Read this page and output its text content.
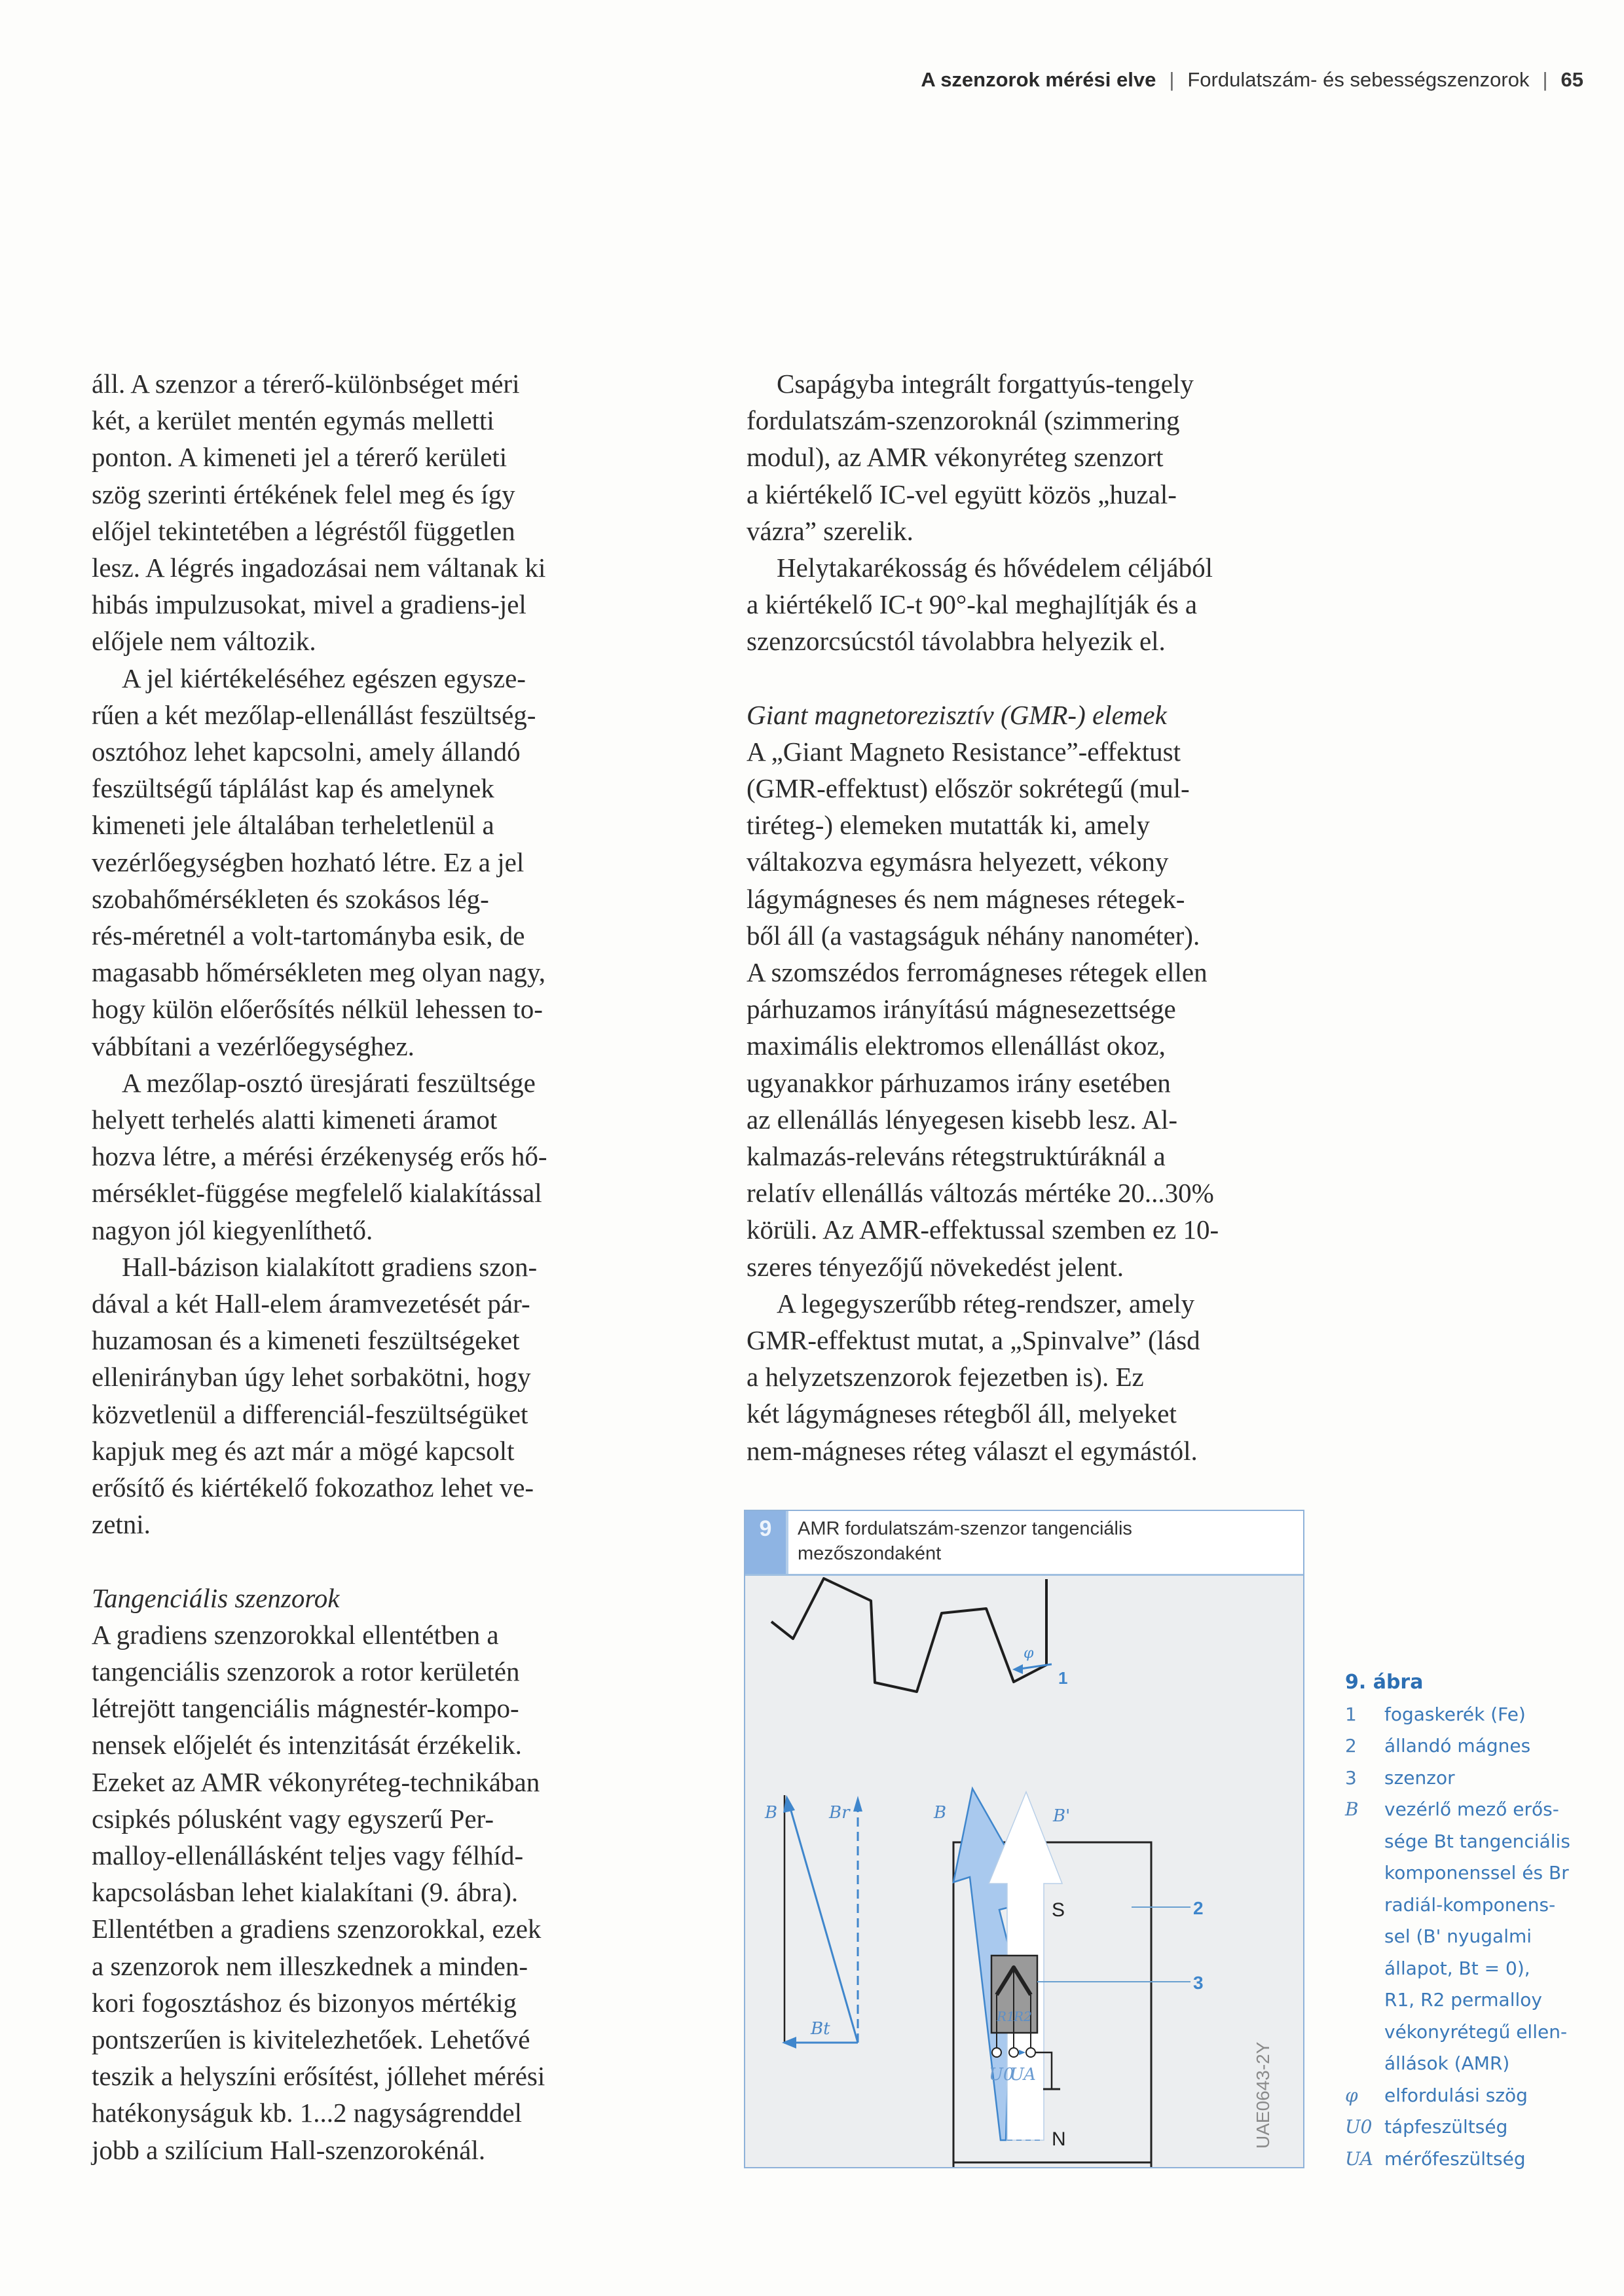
A szenzorok mérési elve | Fordulatszám- és sebességszenzorok | 65

áll. A szenzor a térerő-különbséget méri
két, a kerület mentén egymás melletti
ponton. A kimeneti jel a térerő kerületi
szög szerinti értékének felel meg és így
előjel tekintetében a légréstől független
lesz. A légrés ingadozásai nem váltanak ki
hibás impulzusokat, mivel a gradiens-jel
előjele nem változik.

A jel kiértékeléséhez egészen egysze-
rűen a két mezőlap-ellenállást feszültség-
osztóhoz lehet kapcsolni, amely állandó
feszültségű táplálást kap és amelynek
kimeneti jele általában terheletlenül a
vezérlőegységben hozható létre. Ez a jel
szobahőmérsékleten és szokásos lég-
rés-méretnél a volt-tartományba esik, de
magasabb hőmérsékleten meg olyan nagy,
hogy külön előerősítés nélkül lehessen to-
vábbítani a vezérlőegységhez.

A mezőlap-osztó üresjárati feszültsége
helyett terhelés alatti kimeneti áramot
hozva létre, a mérési érzékenység erős hő-
mérséklet-függése megfelelő kialakítással
nagyon jól kiegyenlíthető.

Hall-bázison kialakított gradiens szon-
dával a két Hall-elem áramvezetését pár-
huzamosan és a kimeneti feszültségeket
ellenirányban úgy lehet sorbakötni, hogy
közvetlenül a differenciál-feszültségüket
kapjuk meg és azt már a mögé kapcsolt
erősítő és kiértékelő fokozathoz lehet ve-
zetni.

Tangenciális szenzorok

A gradiens szenzorokkal ellentétben a
tangenciális szenzorok a rotor kerületén
létrejött tangenciális mágnestér-kompo-
nensek előjelét és intenzitását érzékelik.
Ezeket az AMR vékonyréteg-technikában
csipkés pólusként vagy egyszerű Per-
malloy-ellenállásként teljes vagy félhíd-
kapcsolásban lehet kialakítani (9. ábra).
Ellentétben a gradiens szenzorokkal, ezek
a szenzorok nem illeszkednek a minden-
kori fogosztáshoz és bizonyos mértékig
pontszerűen is kivitelezhetőek. Lehetővé
teszik a helyszíni erősítést, jóllehet mérési
hatékonyságuk kb. 1...2 nagyságrenddel
jobb a szilícium Hall-szenzorokénál.

Csapágyba integrált forgattyús-tengely
fordulatszám-szenzoroknál (szimmering
modul), az AMR vékonyréteg szenzort
a kiértékelő IC-vel együtt közös „huzal-
vázra” szerelik.

Helytakarékosság és hővédelem céljából
a kiértékelő IC-t 90°-kal meghajlítják és a
szenzorcsúcstól távolabbra helyezik el.

Giant magnetorezisztív (GMR-) elemek

A „Giant Magneto Resistance”-effektust
(GMR-effektust) először sokrétegű (mul-
tiréteg-) elemeken mutatták ki, amely
váltakozva egymásra helyezett, vékony
lágymágneses és nem mágneses rétegek-
ből áll (a vastagságuk néhány nanométer).
A szomszédos ferromágneses rétegek ellen
párhuzamos irányítású mágnesezettsége
maximális elektromos ellenállást okoz,
ugyanakkor párhuzamos irány esetében
az ellenállás lényegesen kisebb lesz. Al-
kalmazás-releváns rétegstruktúráknál a
relatív ellenállás változás mértéke 20...30%
körüli. Az AMR-effektussal szemben ez 10-
szeres tényezőjű növekedést jelent.

A legegyszerűbb réteg-rendszer, amely
GMR-effektust mutat, a „Spinvalve” (lásd
a helyzetszenzorok fejezetben is). Ez
két lágymágneses rétegből áll, melyeket
nem-mágneses réteg választ el egymástól.

9	AMR fordulatszám-szenzor tangenciális
mezőszondaként
φ
1
B	Br
Bt
B	B'
S
N
2
R1
R2
3
U0
UA	UAE0643-2Y
9. ábra
1	fogaskerék (Fe)
2	állandó mágnes
3	szenzor
B	vezérlő mező erős-
sége Bt tangenciális
komponenssel és Br
radiál-komponens-
sel (B' nyugalmi
állapot, Bt = 0),
R1, R2 permalloy
vékonyrétegű ellen-
állások (AMR)
φ	elfordulási szög
U0 tápfeszültség
UA mérőfeszültség
